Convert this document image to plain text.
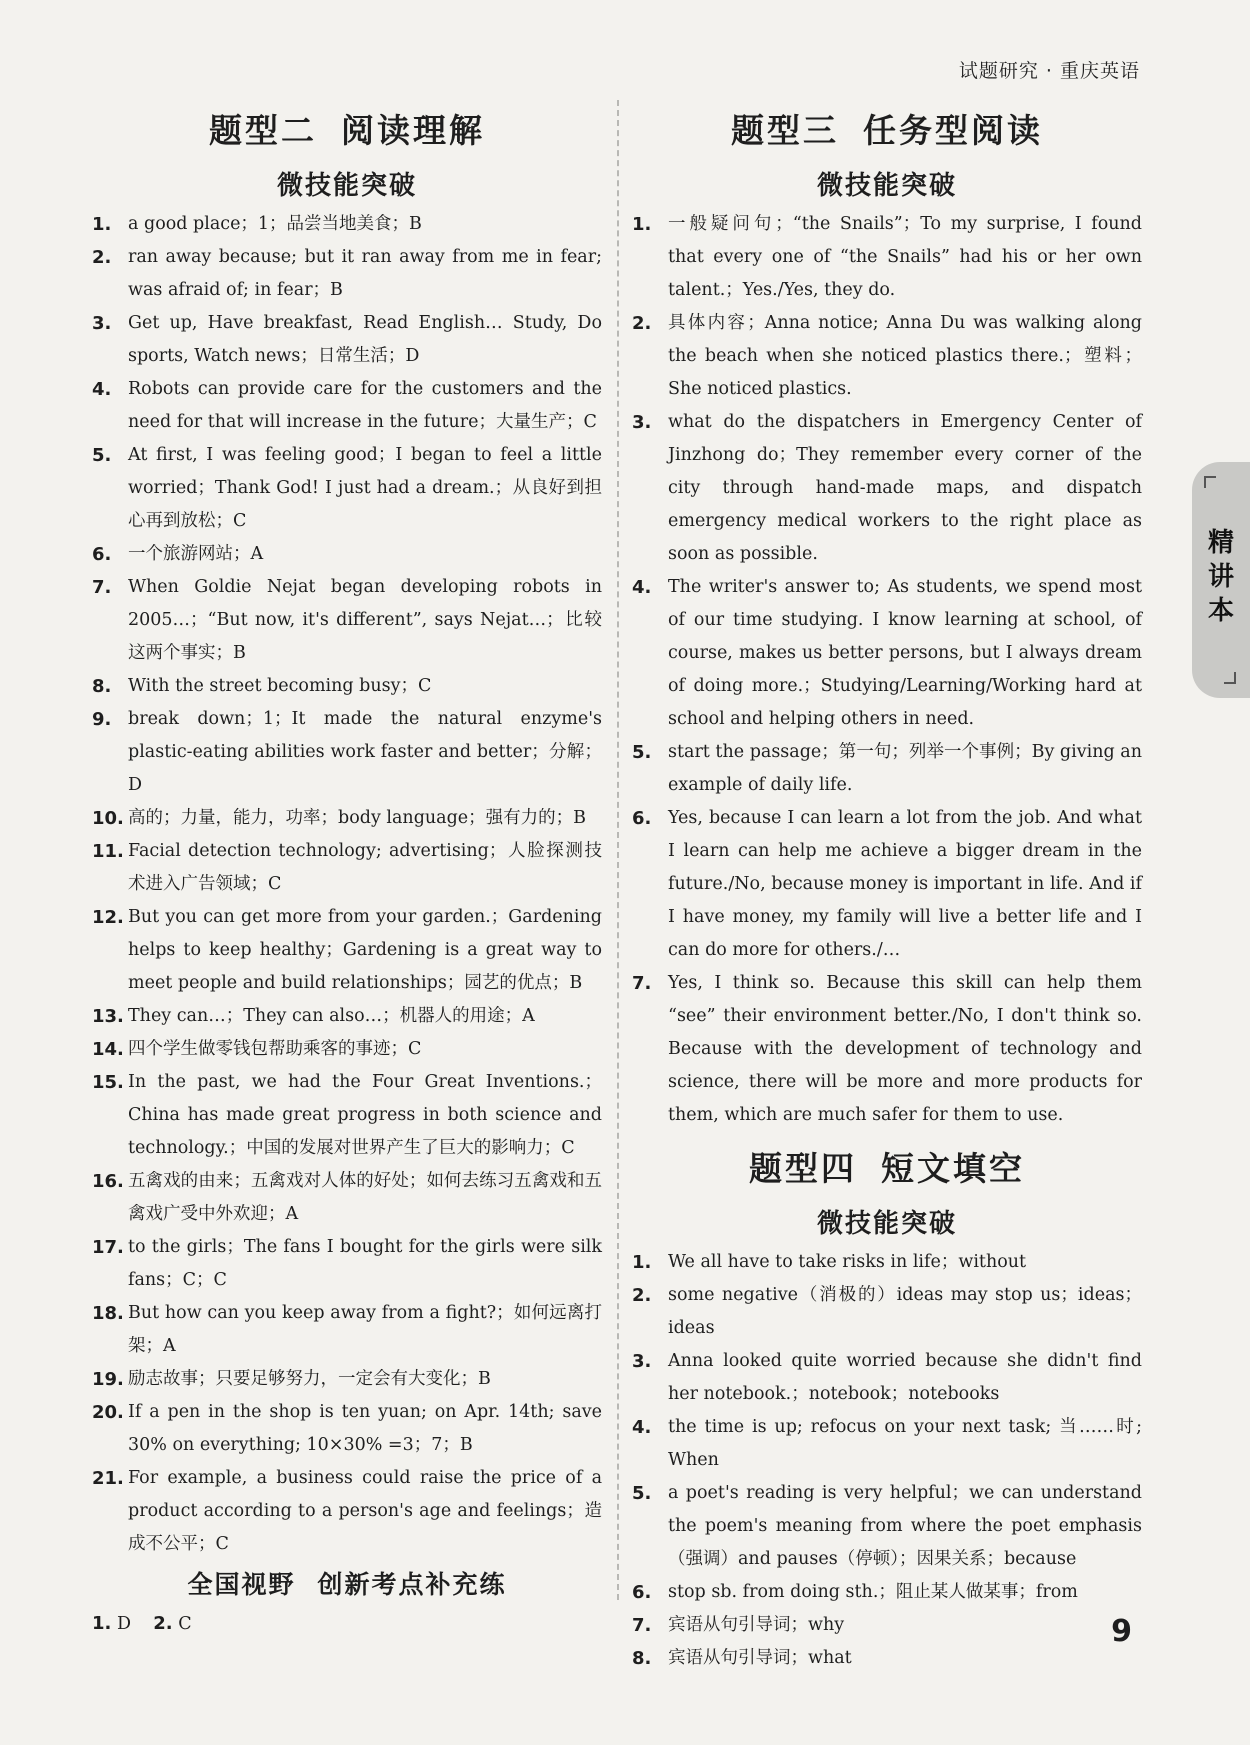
试题研究 · 重庆英语
题型二 阅读理解
微技能突破
1. a good place；1；品尝当地美食；B
2. ran away because; but it ran away from me in fear; was afraid of; in fear；B
3. Get up, Have breakfast, Read English… Study, Do sports, Watch news；日常生活；D
4. Robots can provide care for the customers and the need for that will increase in the future；大量生产；C
5. At first, I was feeling good；I began to feel a little worried；Thank God! I just had a dream.；从良好到担心再到放松；C
6. 一个旅游网站；A
7. When Goldie Nejat began developing robots in 2005…；“But now, it's different”, says Nejat…；比较这两个事实；B
8. With the street becoming busy；C
9. break down；1；It made the natural enzyme's plastic-eating abilities work faster and better；分解；D
10. 高的；力量，能力，功率；body language；强有力的；B
11. Facial detection technology; advertising；人脸探测技术进入广告领域；C
12. But you can get more from your garden.；Gardening helps to keep healthy；Gardening is a great way to meet people and build relationships；园艺的优点；B
13. They can…；They can also…；机器人的用途；A
14. 四个学生做零钱包帮助乘客的事迹；C
15. In the past, we had the Four Great Inventions.；China has made great progress in both science and technology.；中国的发展对世界产生了巨大的影响力；C
16. 五禽戏的由来；五禽戏对人体的好处；如何去练习五禽戏和五禽戏广受中外欢迎；A
17. to the girls；The fans I bought for the girls were silk fans；C；C
18. But how can you keep away from a fight?；如何远离打架；A
19. 励志故事；只要足够努力，一定会有大变化；B
20. If a pen in the shop is ten yuan; on Apr. 14th; save 30% on everything; 10×30% =3；7；B
21. For example, a business could raise the price of a product according to a person's age and feelings；造成不公平；C
全国视野 创新考点补充练
1. D 2. C
题型三 任务型阅读
微技能突破
1. 一般疑问句；“the Snails”；To my surprise, I found that every one of “the Snails” had his or her own talent.；Yes./Yes, they do.
2. 具体内容；Anna notice; Anna Du was walking along the beach when she noticed plastics there.；塑料；She noticed plastics.
3. what do the dispatchers in Emergency Center of Jinzhong do；They remember every corner of the city through hand-made maps, and dispatch emergency medical workers to the right place as soon as possible.
4. The writer's answer to; As students, we spend most of our time studying. I know learning at school, of course, makes us better persons, but I always dream of doing more.；Studying/Learning/Working hard at school and helping others in need.
5. start the passage；第一句；列举一个事例；By giving an example of daily life.
6. Yes, because I can learn a lot from the job. And what I learn can help me achieve a bigger dream in the future./No, because money is important in life. And if I have money, my family will live a better life and I can do more for others./…
7. Yes, I think so. Because this skill can help them “see” their environment better./No, I don't think so. Because with the development of technology and science, there will be more and more products for them, which are much safer for them to use.
题型四 短文填空
微技能突破
1. We all have to take risks in life；without
2. some negative（消极的）ideas may stop us；ideas；ideas
3. Anna looked quite worried because she didn't find her notebook.；notebook；notebooks
4. the time is up; refocus on your next task; 当……时; When
5. a poet's reading is very helpful；we can understand the poem's meaning from where the poet emphasis（强调）and pauses（停顿）；因果关系；because
6. stop sb. from doing sth.；阻止某人做某事；from
7. 宾语从句引导词；why
8. 宾语从句引导词；what
精讲本
9
